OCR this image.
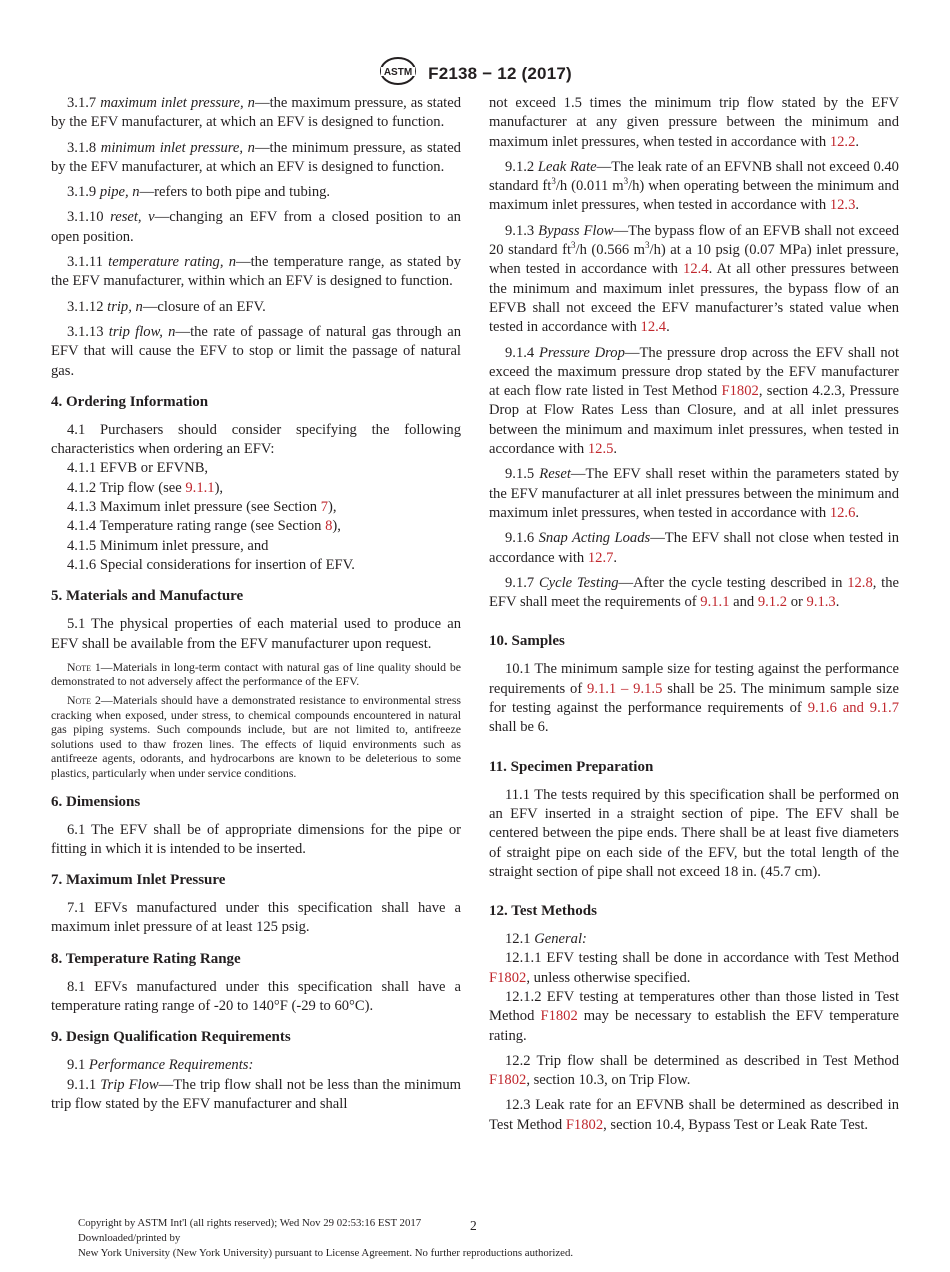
ASTM F2138 − 12 (2017)

3.1.7 maximum inlet pressure, n—the maximum pressure, as stated by the EFV manufacturer, at which an EFV is designed to function.

3.1.8 minimum inlet pressure, n—the minimum pressure, as stated by the EFV manufacturer, at which an EFV is designed to function.

3.1.9 pipe, n—refers to both pipe and tubing.

3.1.10 reset, v—changing an EFV from a closed position to an open position.

3.1.11 temperature rating, n—the temperature range, as stated by the EFV manufacturer, within which an EFV is designed to function.

3.1.12 trip, n—closure of an EFV.

3.1.13 trip flow, n—the rate of passage of natural gas through an EFV that will cause the EFV to stop or limit the passage of natural gas.

4. Ordering Information

4.1 Purchasers should consider specifying the following characteristics when ordering an EFV:

4.1.1 EFVB or EFVNB,

4.1.2 Trip flow (see 9.1.1),

4.1.3 Maximum inlet pressure (see Section 7),

4.1.4 Temperature rating range (see Section 8),

4.1.5 Minimum inlet pressure, and

4.1.6 Special considerations for insertion of EFV.

5. Materials and Manufacture

5.1 The physical properties of each material used to produce an EFV shall be available from the EFV manufacturer upon request.

Note 1—Materials in long-term contact with natural gas of line quality should be demonstrated to not adversely affect the performance of the EFV.
Note 2—Materials should have a demonstrated resistance to environmental stress cracking when exposed, under stress, to chemical compounds encountered in natural gas piping systems. Such compounds include, but are not limited to, antifreeze solutions used to thaw frozen lines. The effects of liquid environments such as antifreeze agents, odorants, and hydrocarbons are known to be deleterious to some plastics, particularly when under service conditions.
6. Dimensions

6.1 The EFV shall be of appropriate dimensions for the pipe or fitting in which it is intended to be inserted.

7. Maximum Inlet Pressure

7.1 EFVs manufactured under this specification shall have a maximum inlet pressure of at least 125 psig.

8. Temperature Rating Range

8.1 EFVs manufactured under this specification shall have a temperature rating range of -20 to 140°F (-29 to 60°C).

9. Design Qualification Requirements

9.1 Performance Requirements:

9.1.1 Trip Flow—The trip flow shall not be less than the minimum trip flow stated by the EFV manufacturer and shall

not exceed 1.5 times the minimum trip flow stated by the EFV manufacturer at any given pressure between the minimum and maximum inlet pressures, when tested in accordance with 12.2.

9.1.2 Leak Rate—The leak rate of an EFVNB shall not exceed 0.40 standard $ft^3/h$ (0.011 $m^3/h$) when operating between the minimum and maximum inlet pressures, when tested in accordance with 12.3.

9.1.3 Bypass Flow—The bypass flow of an EFVB shall not exceed 20 standard $ft^3/h$ (0.566 $m^3/h$) at a 10 psig (0.07 MPa) inlet pressure, when tested in accordance with 12.4. At all other pressures between the minimum and maximum inlet pressures, the bypass flow of an EFVB shall not exceed the EFV manufacturer’s stated value when tested in accordance with 12.4.

9.1.4 Pressure Drop—The pressure drop across the EFV shall not exceed the maximum pressure drop stated by the EFV manufacturer at each flow rate listed in Test Method F1802, section 4.2.3, Pressure Drop at Flow Rates Less than Closure, and at all inlet pressures between the minimum and maximum inlet pressures, when tested in accordance with 12.5.

9.1.5 Reset—The EFV shall reset within the parameters stated by the EFV manufacturer at all inlet pressures between the minimum and maximum inlet pressures, when tested in accordance with 12.6.

9.1.6 Snap Acting Loads—The EFV shall not close when tested in accordance with 12.7.

9.1.7 Cycle Testing—After the cycle testing described in 12.8, the EFV shall meet the requirements of 9.1.1 and 9.1.2 or 9.1.3.

10. Samples

10.1 The minimum sample size for testing against the performance requirements of 9.1.1 – 9.1.5 shall be 25. The minimum sample size for testing against the performance requirements of 9.1.6 and 9.1.7 shall be 6.

11. Specimen Preparation

11.1 The tests required by this specification shall be performed on an EFV inserted in a straight section of pipe. The EFV shall be centered between the pipe ends. There shall be at least five diameters of straight pipe on each side of the EFV, but the total length of the straight section of pipe shall not exceed 18 in. (45.7 cm).

12. Test Methods

12.1 General:

12.1.1 EFV testing shall be done in accordance with Test Method F1802, unless otherwise specified.

12.1.2 EFV testing at temperatures other than those listed in Test Method F1802 may be necessary to establish the EFV temperature rating.

12.2 Trip flow shall be determined as described in Test Method F1802, section 10.3, on Trip Flow.

12.3 Leak rate for an EFVNB shall be determined as described in Test Method F1802, section 10.4, Bypass Test or Leak Rate Test.

2
Copyright by ASTM Int'l (all rights reserved); Wed Nov 29 02:53:16 EST 2017
Downloaded/printed by
New York University (New York University) pursuant to License Agreement. No further reproductions authorized.
